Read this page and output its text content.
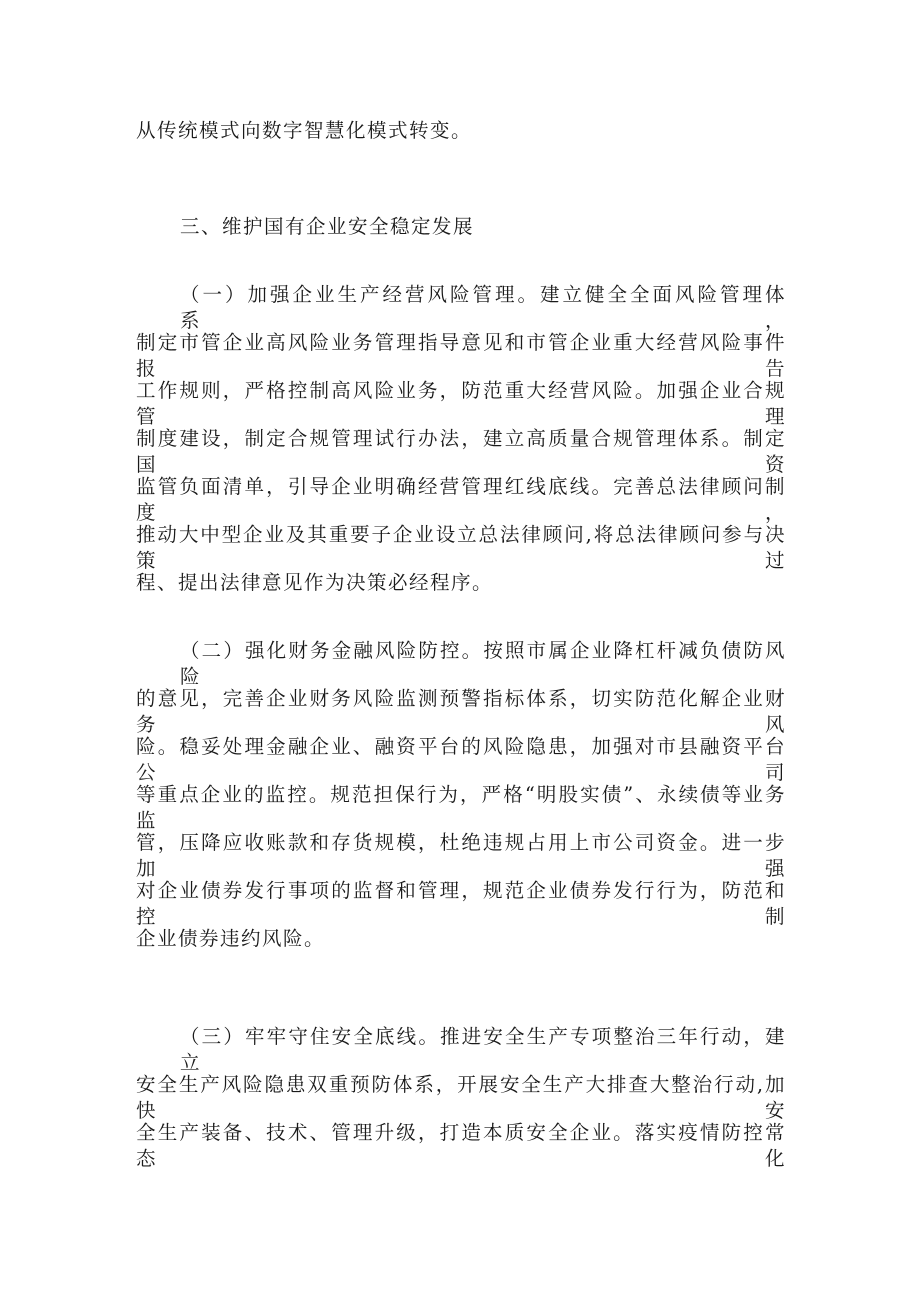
从传统模式向数字智慧化模式转变。
三、维护国有企业安全稳定发展
（一）加强企业生产经营风险管理。建立健全全面风险管理体系，
制定市管企业高风险业务管理指导意见和市管企业重大经营风险事件报告
工作规则，严格控制高风险业务，防范重大经营风险。加强企业合规管理
制度建设，制定合规管理试行办法，建立高质量合规管理体系。制定国资
监管负面清单，引导企业明确经营管理红线底线。完善总法律顾问制度，
推动大中型企业及其重要子企业设立总法律顾问,将总法律顾问参与决策过
程、提出法律意见作为决策必经程序。
（二）强化财务金融风险防控。按照市属企业降杠杆减负债防风险
的意见，完善企业财务风险监测预警指标体系，切实防范化解企业财务风
险。稳妥处理金融企业、融资平台的风险隐患，加强对市县融资平台公司
等重点企业的监控。规范担保行为，严格“明股实债”、永续债等业务监
管，压降应收账款和存货规模，杜绝违规占用上市公司资金。进一步加强
对企业债券发行事项的监督和管理，规范企业债券发行行为，防范和控制
企业债券违约风险。
（三）牢牢守住安全底线。推进安全生产专项整治三年行动，建立
安全生产风险隐患双重预防体系，开展安全生产大排查大整治行动,加快安
全生产装备、技术、管理升级，打造本质安全企业。落实疫情防控常态化
